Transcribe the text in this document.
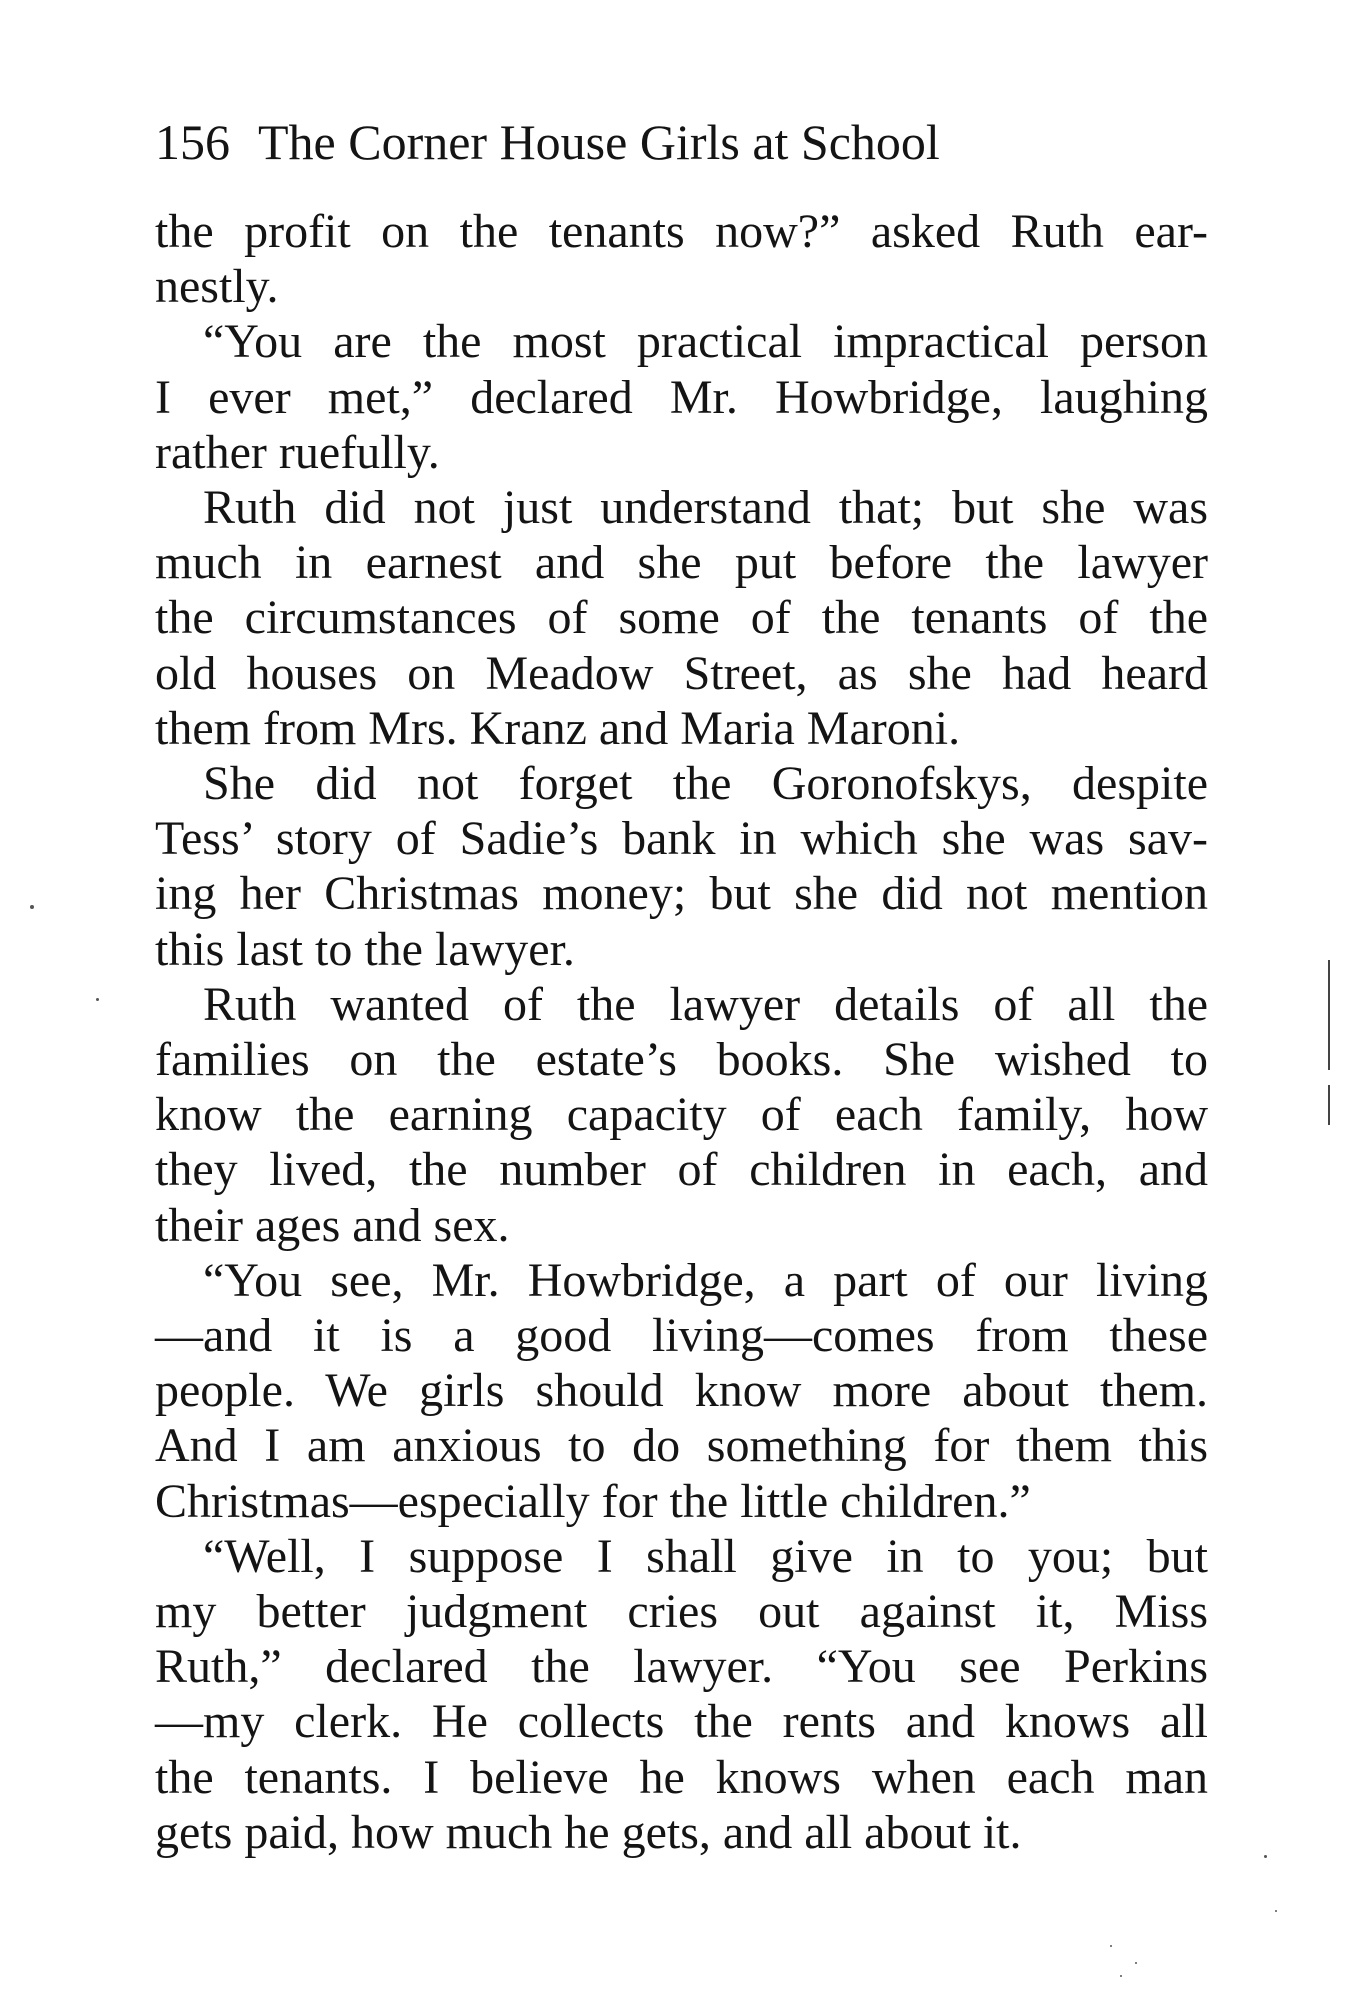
156 The Corner House Girls at School

the profit on the tenants now?” asked Ruth ear-

nestly.

“You are the most practical impractical person

I ever met,” declared Mr. Howbridge, laughing

rather ruefully.

Ruth did not just understand that; but she was

much in earnest and she put before the lawyer

the circumstances of some of the tenants of the

old houses on Meadow Street, as she had heard

them from Mrs. Kranz and Maria Maroni.

She did not forget the Goronofskys, despite

Tess’ story of Sadie’s bank in which she was sav-

ing her Christmas money; but she did not mention

this last to the lawyer.

Ruth wanted of the lawyer details of all the

families on the estate’s books. She wished to

know the earning capacity of each family, how

they lived, the number of children in each, and

their ages and sex.

“You see, Mr. Howbridge, a part of our living

—and it is a good living—comes from these

people. We girls should know more about them.

And I am anxious to do something for them this

Christmas—especially for the little children.”

“Well, I suppose I shall give in to you; but

my better judgment cries out against it, Miss

Ruth,” declared the lawyer. “You see Perkins

—my clerk. He collects the rents and knows all

the tenants. I believe he knows when each man

gets paid, how much he gets, and all about it.
